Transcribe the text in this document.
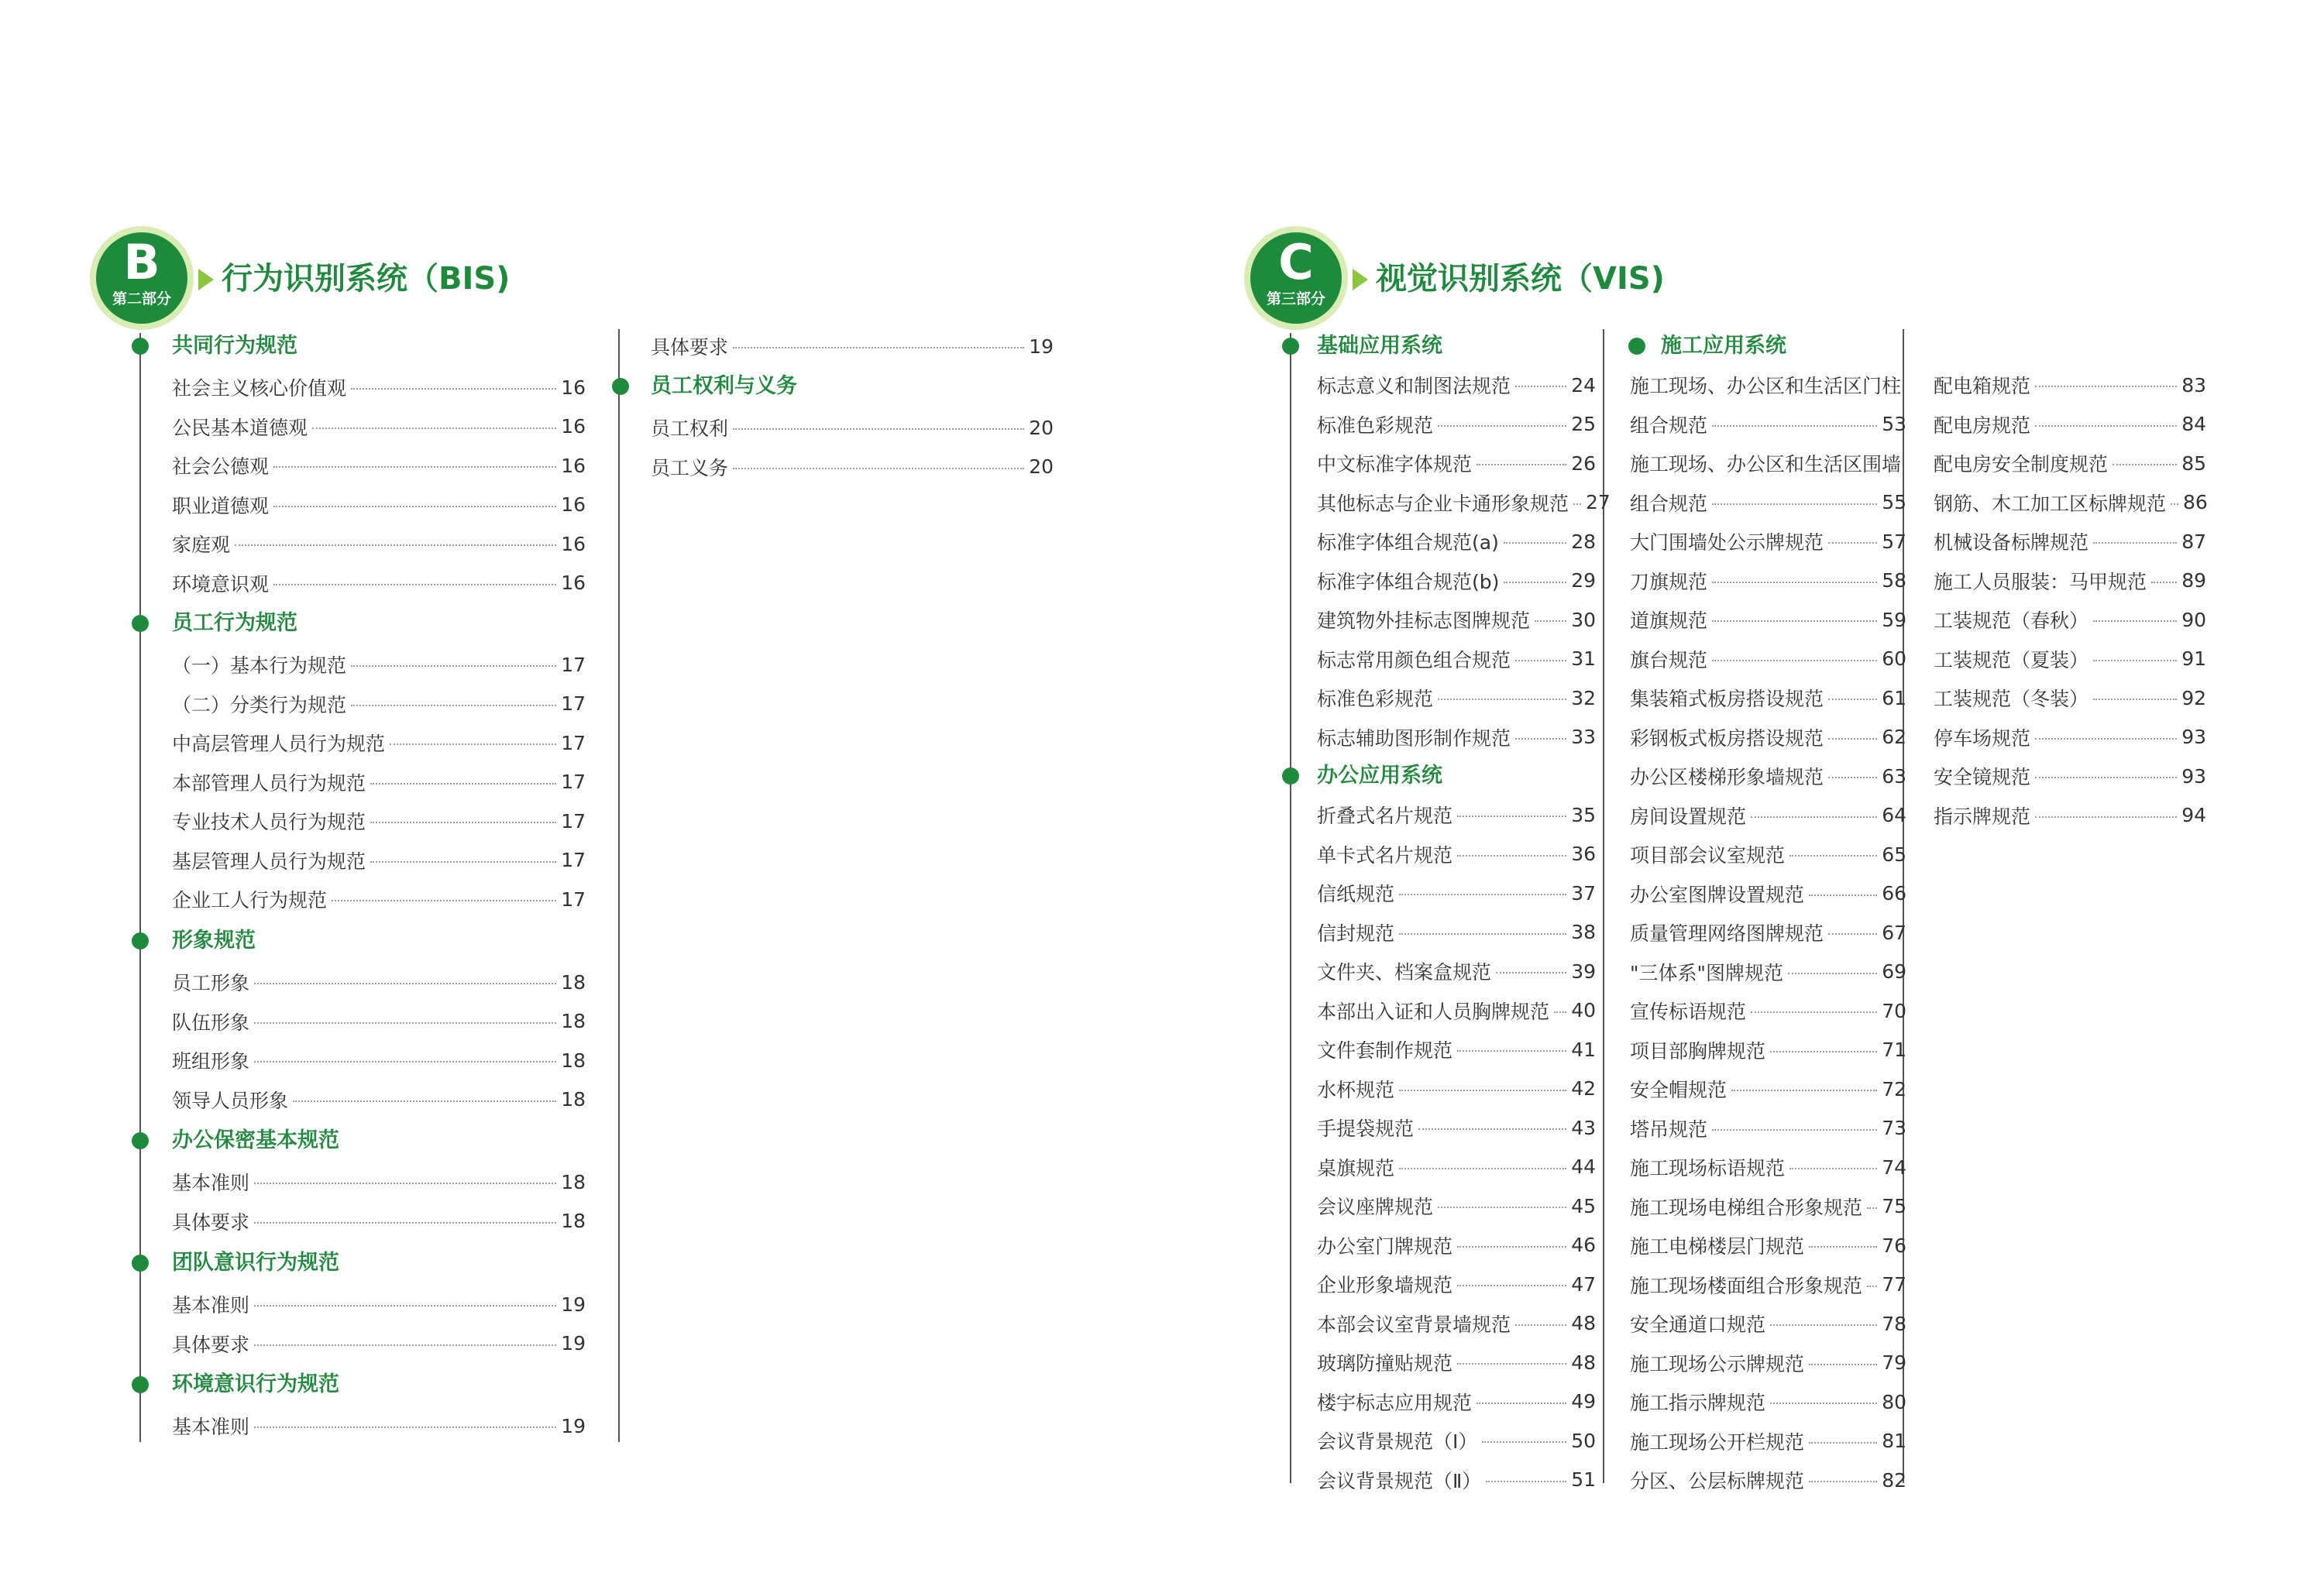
B
第二部分
行为识别系统（BIS)	C
第三部分
视觉识别系统（VIS)
共同行为规范
社会主义核心价值观	16
公民基本道德观	16
社会公德观	16
职业道德观	16
家庭观	16
环境意识观	16
员工行为规范
（一）基本行为规范	17
（二）分类行为规范	17
中高层管理人员行为规范	17
本部管理人员行为规范	17
专业技术人员行为规范	17
基层管理人员行为规范	17
企业工人行为规范	17
形象规范
员工形象	18
队伍形象	18
班组形象	18
领导人员形象	18
办公保密基本规范
基本准则	18
具体要求	18
团队意识行为规范
基本准则	19
具体要求	19
环境意识行为规范
基本准则	19
具体要求	19
员工权利与义务
员工权利	20
员工义务	20
基础应用系统
标志意义和制图法规范	24
标准色彩规范	25
中文标准字体规范	26
其他标志与企业卡通形象规范 27
标准字体组合规范(a)	28
标准字体组合规范(b)	29
建筑物外挂标志图牌规范 30
标志常用颜色组合规范	31
标准色彩规范	32
标志辅助图形制作规范	33
办公应用系统
折叠式名片规范	35
单卡式名片规范	36
信纸规范	37
信封规范	38
文件夹、档案盒规范	39
本部出入证和人员胸牌规范 40
文件套制作规范	41
水杯规范	42
手提袋规范	43
桌旗规范	44
会议座牌规范	45
办公室门牌规范	46
企业形象墙规范	47
本部会议室背景墙规范	48
玻璃防撞贴规范	48
楼宇标志应用规范	49
会议背景规范（Ⅰ）	50
会议背景规范（Ⅱ）	51
施工应用系统
施工现场、办公区和生活区门柱
组合规范	53
施工现场、办公区和生活区围墙
组合规范	55
大门围墙处公示牌规范	57
刀旗规范	58
道旗规范	59
旗台规范	60
集装箱式板房搭设规范	61
彩钢板式板房搭设规范	62
办公区楼梯形象墙规范	63
房间设置规范	64
项目部会议室规范	65
办公室图牌设置规范	66
质量管理网络图牌规范	67
"三体系"图牌规范	69
宣传标语规范	70
项目部胸牌规范	71
安全帽规范	72
塔吊规范	73
施工现场标语规范	74
施工现场电梯组合形象规范 75
施工电梯楼层门规范	76
施工现场楼面组合形象规范 77
安全通道口规范	78
施工现场公示牌规范	79
施工指示牌规范	80
施工现场公开栏规范	81
分区、公层标牌规范	82
配电箱规范	83
配电房规范	84
配电房安全制度规范	85
钢筋、木工加工区标牌规范 86
机械设备标牌规范	87
施工人员服装：马甲规范 89
工装规范（春秋）	90
工装规范（夏装）	91
工装规范（冬装）	92
停车场规范	93
安全镜规范	93
指示牌规范	94
